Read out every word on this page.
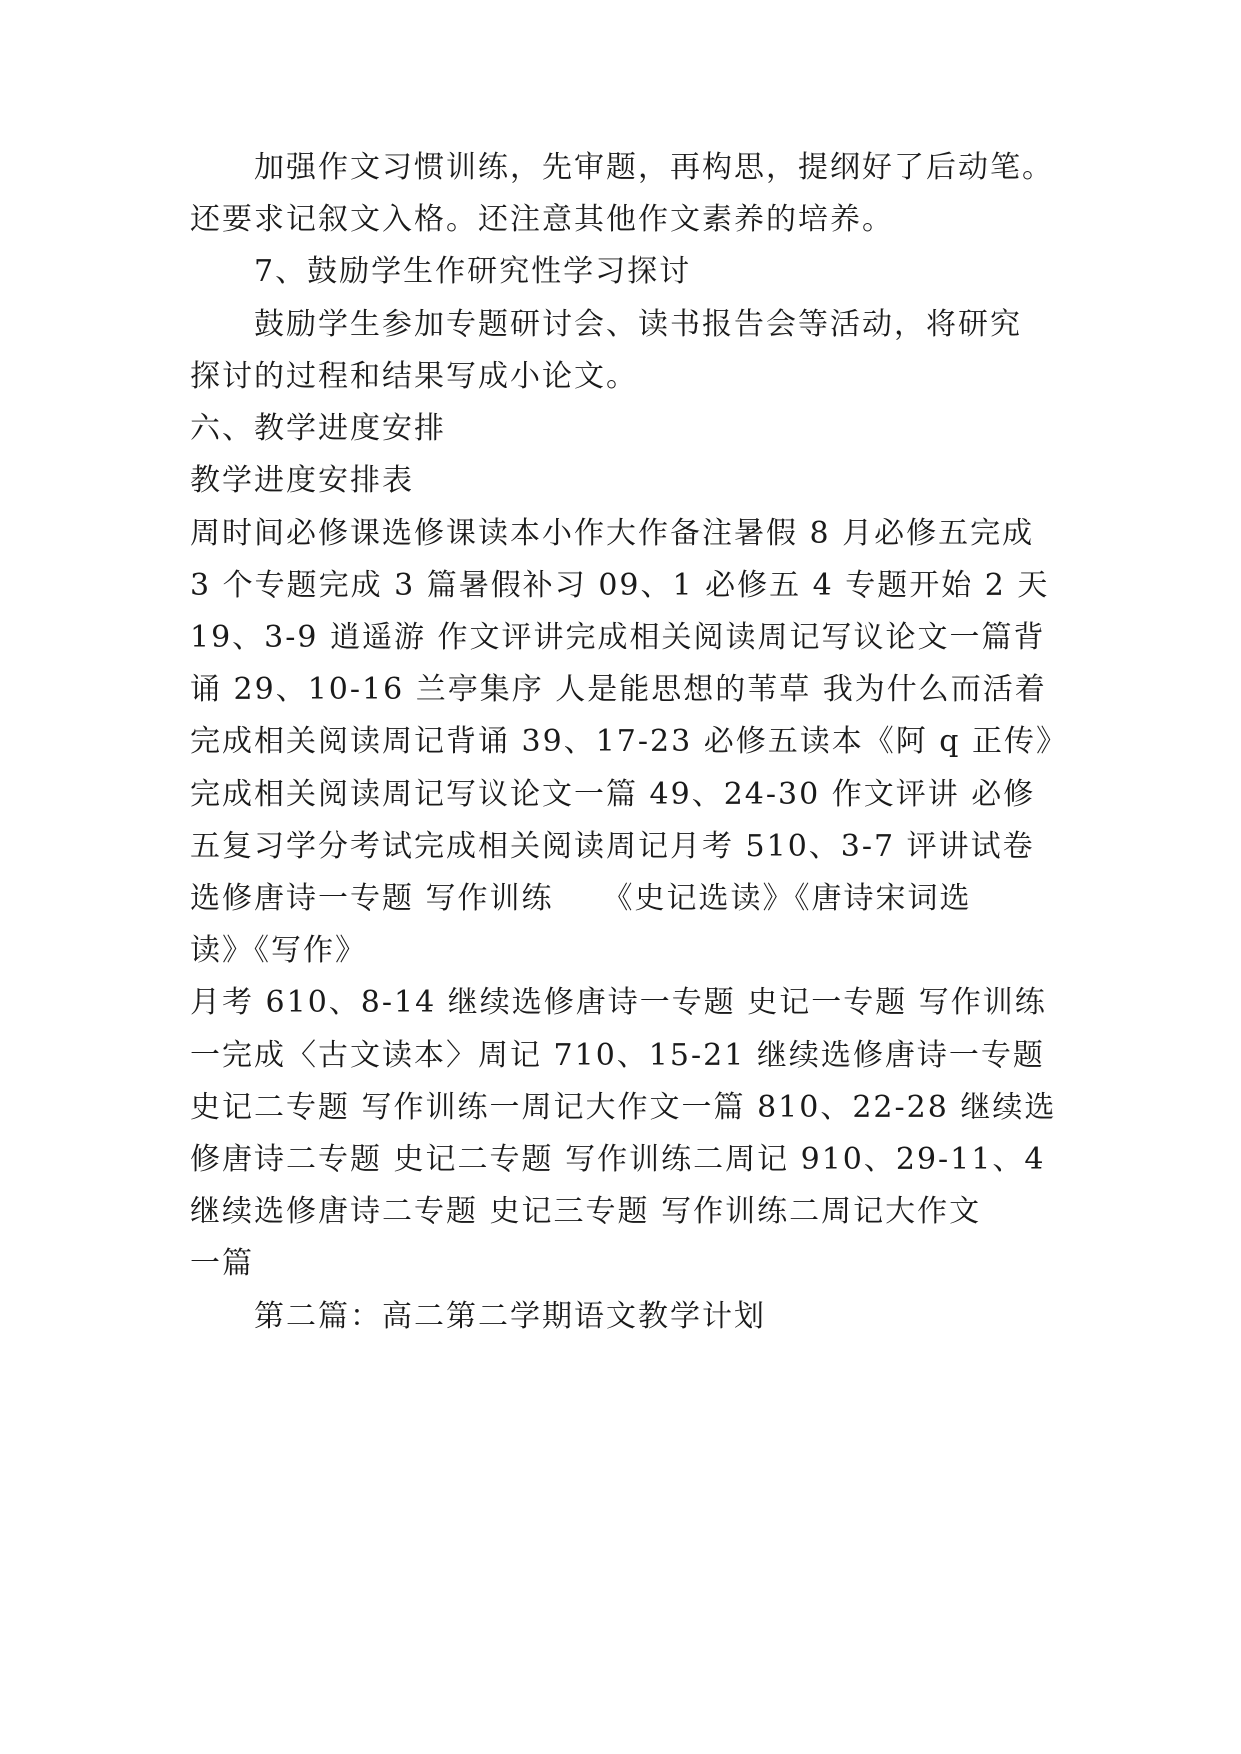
加强作文习惯训练，先审题，再构思，提纲好了后动笔。
还要求记叙文入格。还注意其他作文素养的培养。
7、鼓励学生作研究性学习探讨
鼓励学生参加专题研讨会、读书报告会等活动，将研究
探讨的过程和结果写成小论文。
六、教学进度安排
教学进度安排表
周时间必修课选修课读本小作大作备注暑假 8 月必修五完成
3 个专题完成 3 篇暑假补习 09、1 必修五 4 专题开始 2 天
19、3-9 逍遥游 作文评讲完成相关阅读周记写议论文一篇背
诵 29、10-16 兰亭集序 人是能思想的苇草 我为什么而活着
完成相关阅读周记背诵 39、17-23 必修五读本《阿 q 正传》
完成相关阅读周记写议论文一篇 49、24-30 作文评讲 必修
五复习学分考试完成相关阅读周记月考 510、3-7 评讲试卷
选修唐诗一专题 写作训练　　《史记选读》《唐诗宋词选
读》《写作》
月考 610、8-14 继续选修唐诗一专题 史记一专题 写作训练
一完成〈古文读本〉周记 710、15-21 继续选修唐诗一专题
史记二专题 写作训练一周记大作文一篇 810、22-28 继续选
修唐诗二专题 史记二专题 写作训练二周记 910、29-11、4
继续选修唐诗二专题 史记三专题 写作训练二周记大作文
一篇
第二篇：高二第二学期语文教学计划
